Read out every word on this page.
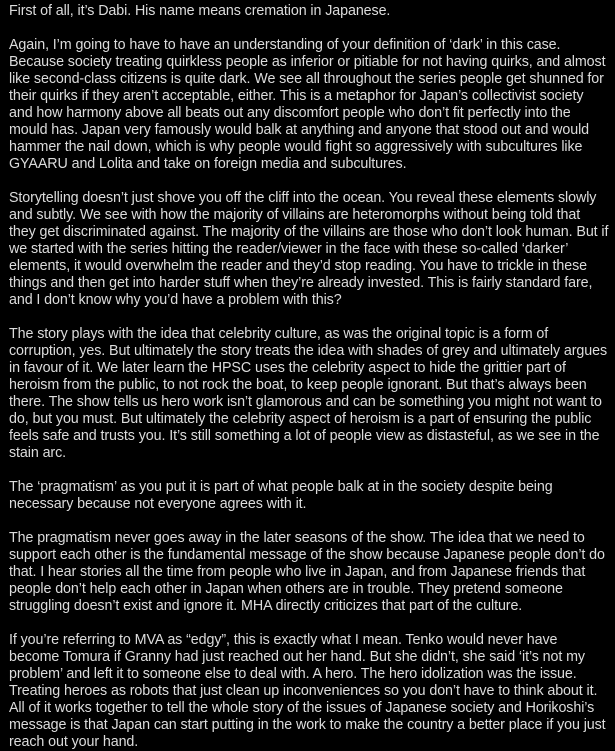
First of all, it’s Dabi. His name means cremation in Japanese.

Again, I’m going to have to have an understanding of your definition of ‘dark’ in this case. Because society treating quirkless people as inferior or pitiable for not having quirks, and almost like second-class citizens is quite dark. We see all throughout the series people get shunned for their quirks if they aren’t acceptable, either. This is a metaphor for Japan’s collectivist society and how harmony above all beats out any discomfort people who don’t fit perfectly into the mould has. Japan very famously would balk at anything and anyone that stood out and would hammer the nail down, which is why people would fight so aggressively with subcultures like GYAARU and Lolita and take on foreign media and subcultures.

Storytelling doesn’t just shove you off the cliff into the ocean. You reveal these elements slowly and subtly. We see with how the majority of villains are heteromorphs without being told that they get discriminated against. The majority of the villains are those who don’t look human. But if we started with the series hitting the reader/viewer in the face with these so-called ‘darker’ elements, it would overwhelm the reader and they’d stop reading. You have to trickle in these things and then get into harder stuff when they’re already invested. This is fairly standard fare, and I don’t know why you’d have a problem with this?

The story plays with the idea that celebrity culture, as was the original topic is a form of corruption, yes. But ultimately the story treats the idea with shades of grey and ultimately argues in favour of it. We later learn the HPSC uses the celebrity aspect to hide the grittier part of heroism from the public, to not rock the boat, to keep people ignorant. But that’s always been there. The show tells us hero work isn’t glamorous and can be something you might not want to do, but you must. But ultimately the celebrity aspect of heroism is a part of ensuring the public feels safe and trusts you. It’s still something a lot of people view as distasteful, as we see in the stain arc.

The ‘pragmatism’ as you put it is part of what people balk at in the society despite being necessary because not everyone agrees with it.

The pragmatism never goes away in the later seasons of the show. The idea that we need to support each other is the fundamental message of the show because Japanese people don’t do that. I hear stories all the time from people who live in Japan, and from Japanese friends that people don’t help each other in Japan when others are in trouble. They pretend someone struggling doesn’t exist and ignore it. MHA directly criticizes that part of the culture.

If you’re referring to MVA as “edgy”, this is exactly what I mean. Tenko would never have become Tomura if Granny had just reached out her hand. But she didn’t, she said ‘it’s not my problem’ and left it to someone else to deal with. A hero. The hero idolization was the issue. Treating heroes as robots that just clean up inconveniences so you don’t have to think about it. All of it works together to tell the whole story of the issues of Japanese society and Horikoshi’s message is that Japan can start putting in the work to make the country a better place if you just reach out your hand.
